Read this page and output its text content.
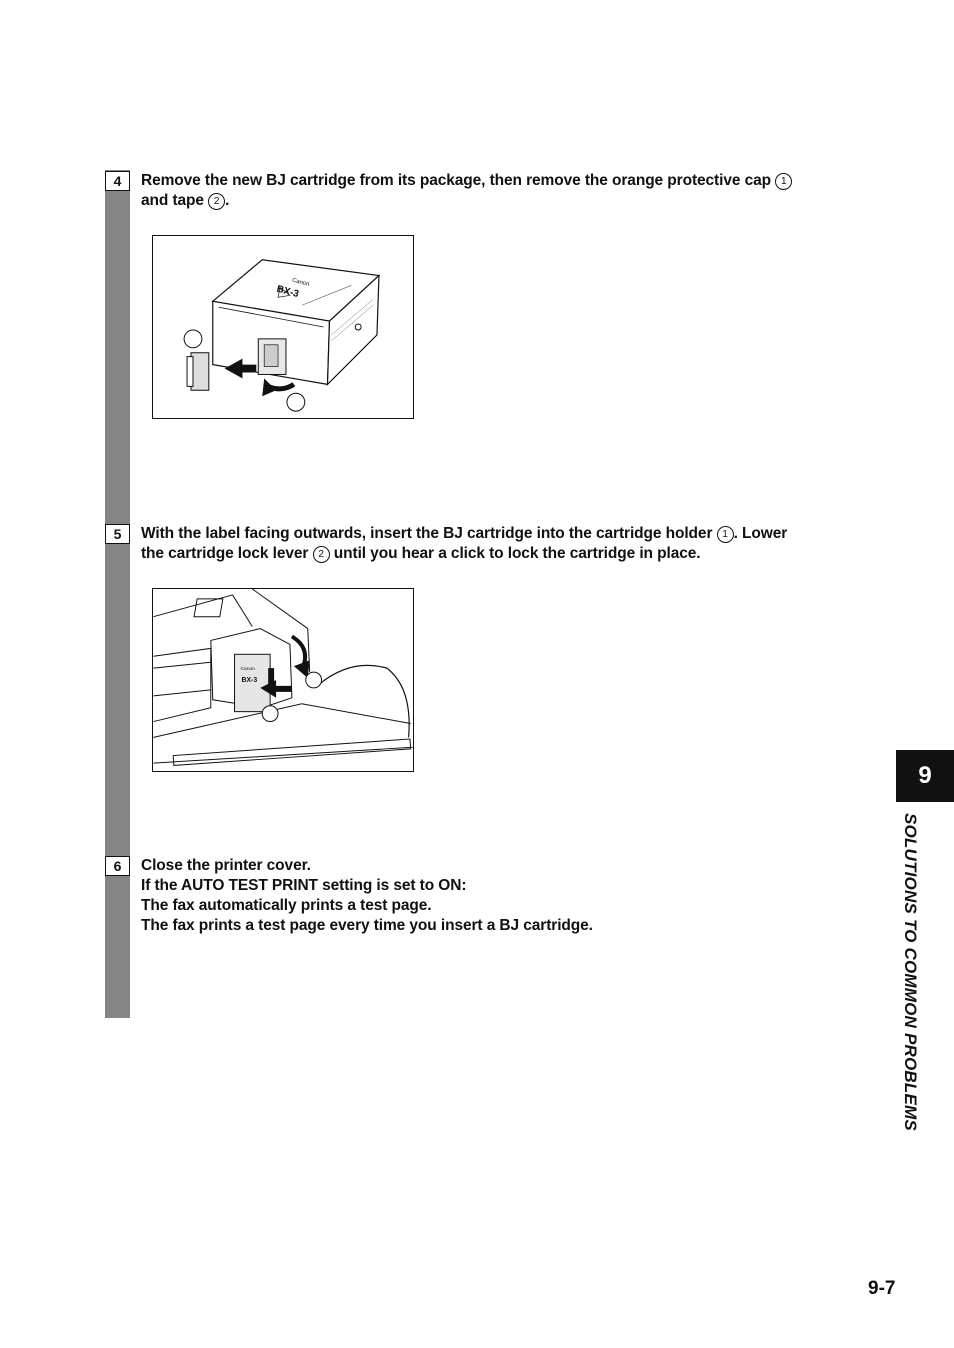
4	Remove the new BJ cartridge from its package, then remove the orange protective cap 1
and tape 2 .
Canon
BX-3
5	With the label facing outwards, insert the BJ cartridge into the cartridge holder 1 . Lower
the cartridge lock lever 2 until you hear a click to lock the cartridge in place.
Canon
BX-3
6	Close the printer cover.
If the AUTO TEST PRINT setting is set to ON:
The fax automatically prints a test page.
The fax prints a test page every time you insert a BJ cartridge.
9
SOLUTIONS TO COMMON PROBLEMS
9-7
